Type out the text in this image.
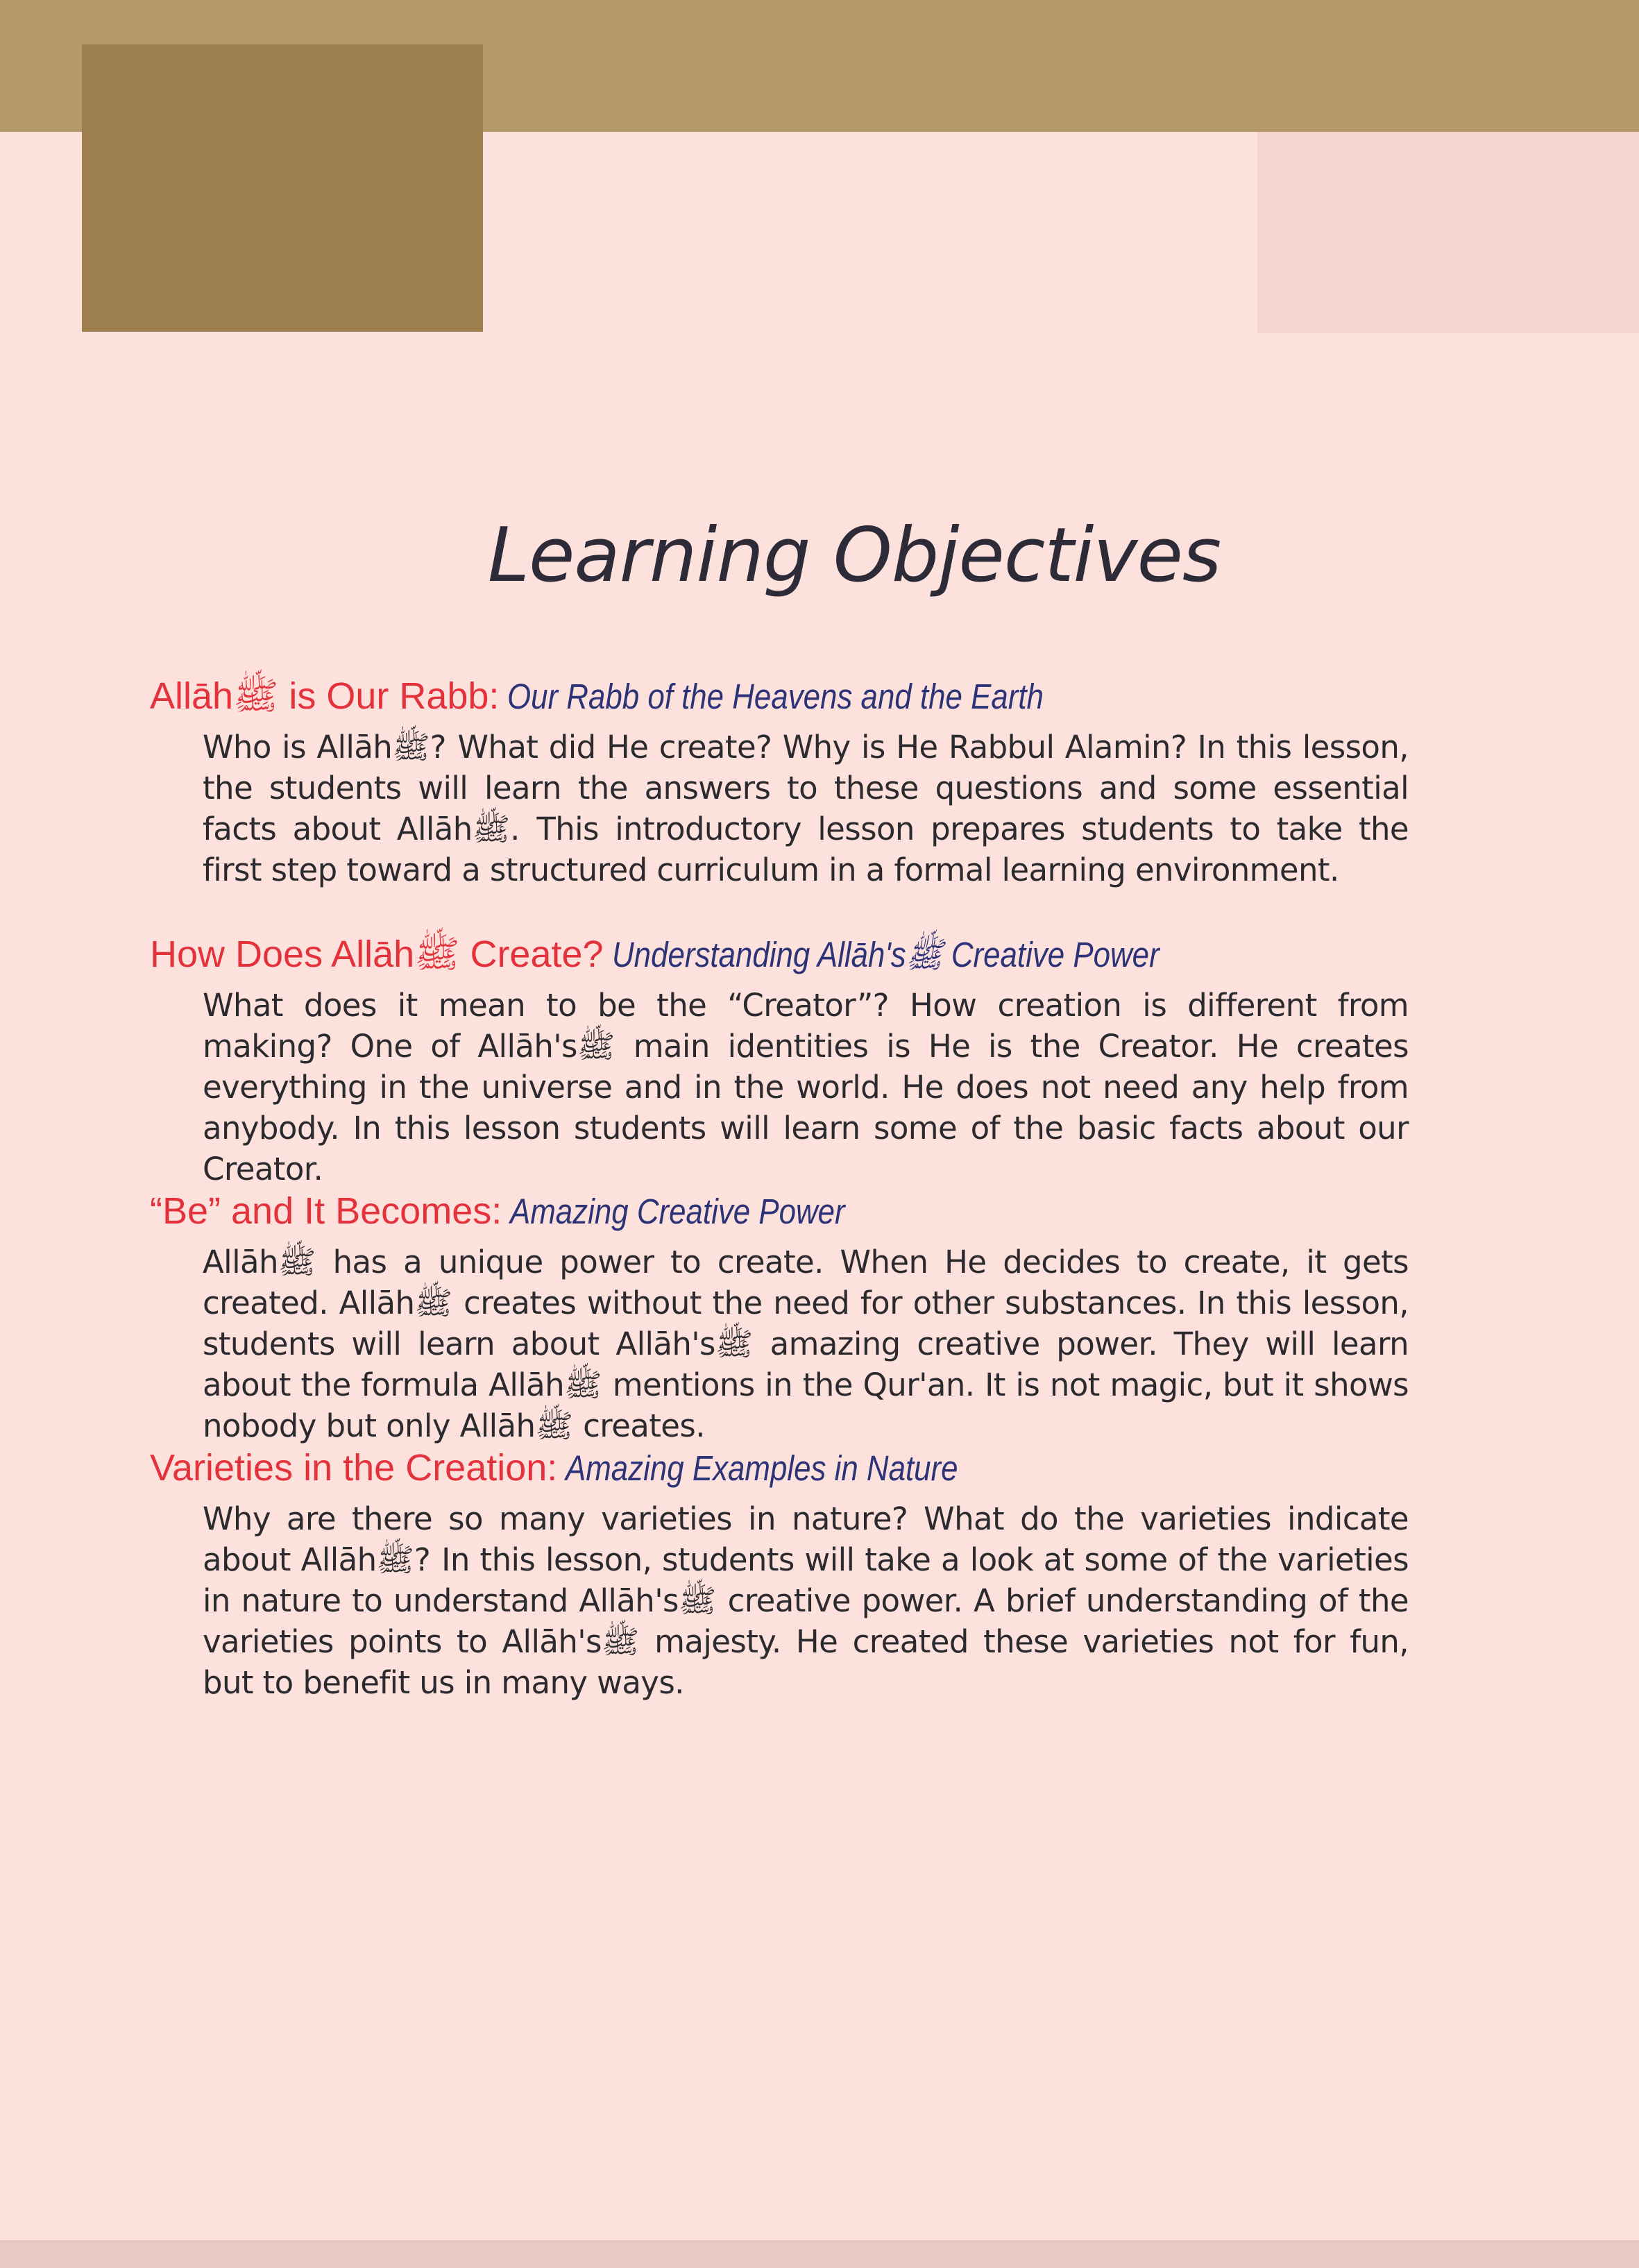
Learning Objectives
Allāhﷺ is Our Rabb: Our Rabb of the Heavens and the Earth

Who is Allāhﷺ? What did He create? Why is He Rabbul Alamin? In this lesson, the students will learn the answers to these questions and some essential facts about Allāhﷺ. This introductory lesson prepares students to take the first step toward a structured curriculum in a formal learning environment.

How Does Allāhﷺ Create? Understanding Allāh'sﷺ Creative Power

What does it mean to be the “Creator”? How creation is different from making? One of Allāh'sﷺ main identities is He is the Creator. He creates everything in the universe and in the world. He does not need any help from anybody. In this lesson students will learn some of the basic facts about our Creator.

“Be” and It Becomes: Amazing Creative Power

Allāhﷺ has a unique power to create. When He decides to create, it gets created. Allāhﷺ creates without the need for other substances. In this lesson, students will learn about Allāh'sﷺ amazing creative power. They will learn about the formula Allāhﷺ mentions in the Qur'an. It is not magic, but it shows nobody but only Allāhﷺ creates.

Varieties in the Creation: Amazing Examples in Nature

Why are there so many varieties in nature? What do the varieties indicate about Allāhﷺ? In this lesson, students will take a look at some of the varieties in nature to understand Allāh'sﷺ creative power. A brief understanding of the varieties points to Allāh'sﷺ majesty. He created these varieties not for fun, but to benefit us in many ways.
